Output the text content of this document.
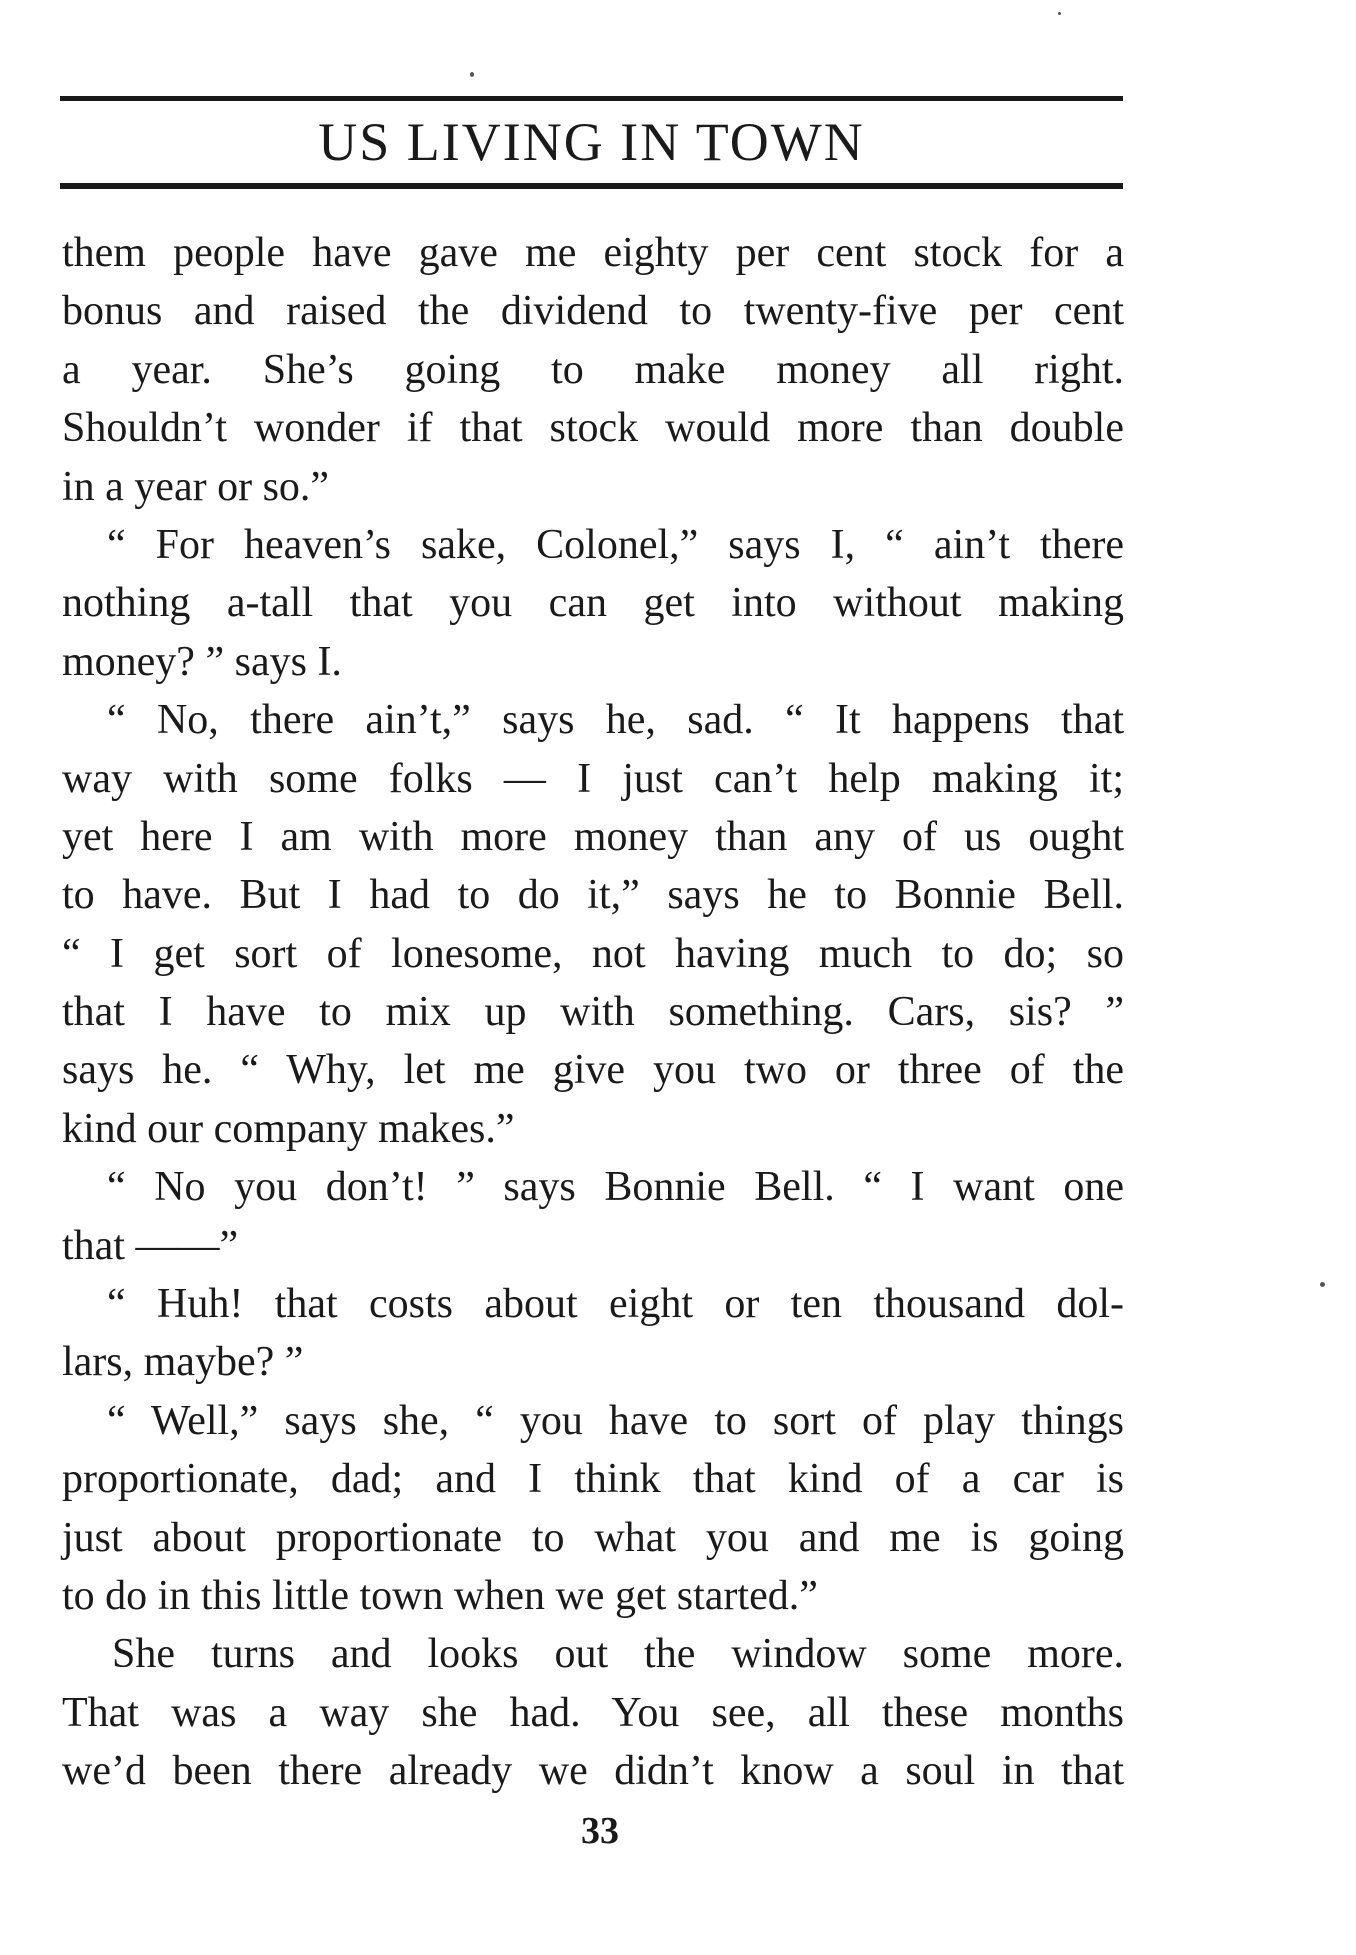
US LIVING IN TOWN
them people have gave me eighty per cent stock for a
bonus and raised the dividend to twenty-five per cent
a year. She’s going to make money all right.
Shouldn’t wonder if that stock would more than double
in a year or so.”
“ For heaven’s sake, Colonel,” says I, “ ain’t there
nothing a-tall that you can get into without making
money? ” says I.
“ No, there ain’t,” says he, sad. “ It happens that
way with some folks — I just can’t help making it;
yet here I am with more money than any of us ought
to have. But I had to do it,” says he to Bonnie Bell.
“ I get sort of lonesome, not having much to do; so
that I have to mix up with something. Cars, sis? ”
says he. “ Why, let me give you two or three of the
kind our company makes.”
“ No you don’t! ” says Bonnie Bell. “ I want one
that ——”
“ Huh! that costs about eight or ten thousand dol-
lars, maybe? ”
“ Well,” says she, “ you have to sort of play things
proportionate, dad; and I think that kind of a car is
just about proportionate to what you and me is going
to do in this little town when we get started.”
She turns and looks out the window some more.
That was a way she had. You see, all these months
we’d been there already we didn’t know a soul in that
33
